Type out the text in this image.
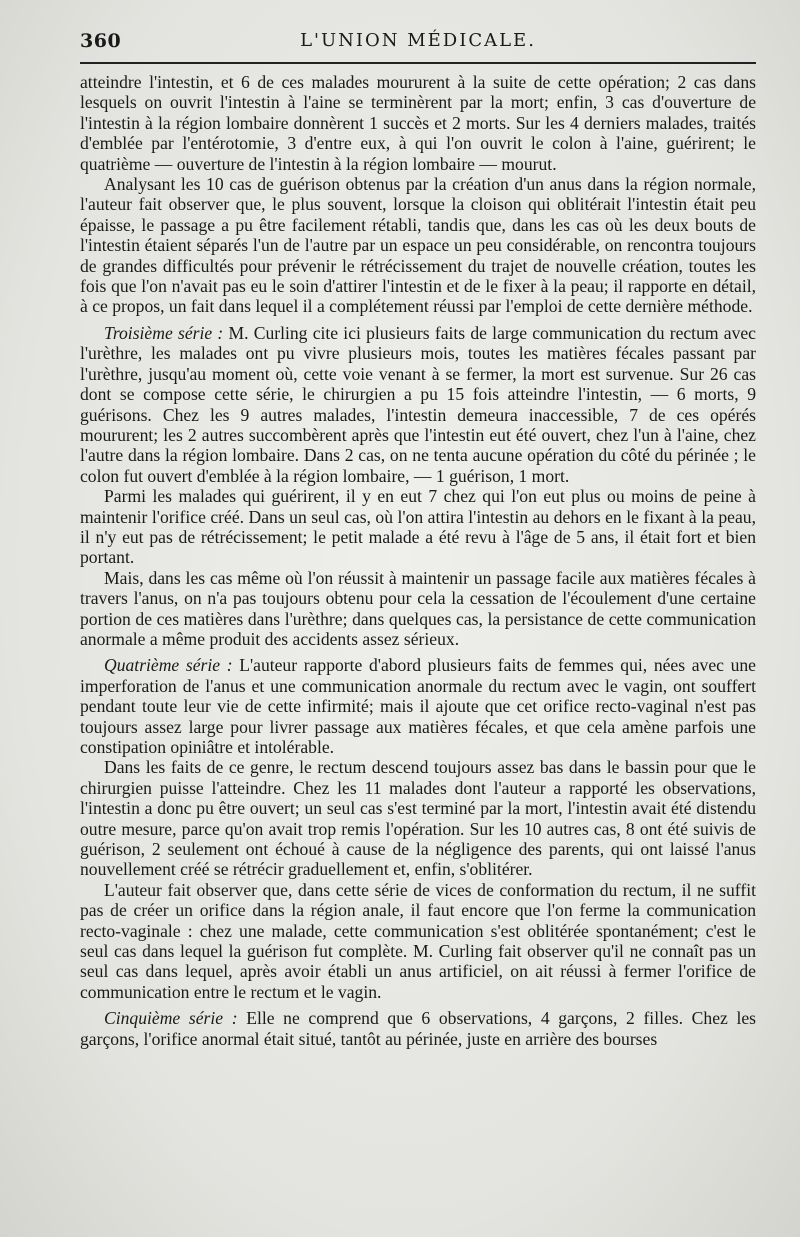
360	L'UNION MÉDICALE.

atteindre l'intestin, et 6 de ces malades moururent à la suite de cette opération; 2 cas dans lesquels on ouvrit l'intestin à l'aine se terminèrent par la mort; enfin, 3 cas d'ouverture de l'intestin à la région lombaire donnèrent 1 succès et 2 morts. Sur les 4 derniers malades, traités d'emblée par l'entérotomie, 3 d'entre eux, à qui l'on ouvrit le colon à l'aine, guérirent; le quatrième — ouverture de l'intestin à la région lombaire — mourut.

Analysant les 10 cas de guérison obtenus par la création d'un anus dans la région normale, l'auteur fait observer que, le plus souvent, lorsque la cloison qui oblitérait l'intestin était peu épaisse, le passage a pu être facilement rétabli, tandis que, dans les cas où les deux bouts de l'intestin étaient séparés l'un de l'autre par un espace un peu considérable, on rencontra toujours de grandes difficultés pour prévenir le rétrécissement du trajet de nouvelle création, toutes les fois que l'on n'avait pas eu le soin d'attirer l'intestin et de le fixer à la peau; il rapporte en détail, à ce propos, un fait dans lequel il a complétement réussi par l'emploi de cette dernière méthode.

Troisième série : M. Curling cite ici plusieurs faits de large communication du rectum avec l'urèthre, les malades ont pu vivre plusieurs mois, toutes les matières fécales passant par l'urèthre, jusqu'au moment où, cette voie venant à se fermer, la mort est survenue. Sur 26 cas dont se compose cette série, le chirurgien a pu 15 fois atteindre l'intestin, — 6 morts, 9 guérisons. Chez les 9 autres malades, l'intestin demeura inaccessible, 7 de ces opérés moururent; les 2 autres succombèrent après que l'intestin eut été ouvert, chez l'un à l'aine, chez l'autre dans la région lombaire. Dans 2 cas, on ne tenta aucune opération du côté du périnée ; le colon fut ouvert d'emblée à la région lombaire, — 1 guérison, 1 mort.

Parmi les malades qui guérirent, il y en eut 7 chez qui l'on eut plus ou moins de peine à maintenir l'orifice créé. Dans un seul cas, où l'on attira l'intestin au dehors en le fixant à la peau, il n'y eut pas de rétrécissement; le petit malade a été revu à l'âge de 5 ans, il était fort et bien portant.

Mais, dans les cas même où l'on réussit à maintenir un passage facile aux matières fécales à travers l'anus, on n'a pas toujours obtenu pour cela la cessation de l'écoulement d'une certaine portion de ces matières dans l'urèthre; dans quelques cas, la persistance de cette communication anormale a même produit des accidents assez sérieux.

Quatrième série : L'auteur rapporte d'abord plusieurs faits de femmes qui, nées avec une imperforation de l'anus et une communication anormale du rectum avec le vagin, ont souffert pendant toute leur vie de cette infirmité; mais il ajoute que cet orifice recto-vaginal n'est pas toujours assez large pour livrer passage aux matières fécales, et que cela amène parfois une constipation opiniâtre et intolérable.

Dans les faits de ce genre, le rectum descend toujours assez bas dans le bassin pour que le chirurgien puisse l'atteindre. Chez les 11 malades dont l'auteur a rapporté les observations, l'intestin a donc pu être ouvert; un seul cas s'est terminé par la mort, l'intestin avait été distendu outre mesure, parce qu'on avait trop remis l'opération. Sur les 10 autres cas, 8 ont été suivis de guérison, 2 seulement ont échoué à cause de la négligence des parents, qui ont laissé l'anus nouvellement créé se rétrécir graduellement et, enfin, s'oblitérer.

L'auteur fait observer que, dans cette série de vices de conformation du rectum, il ne suffit pas de créer un orifice dans la région anale, il faut encore que l'on ferme la communication recto-vaginale : chez une malade, cette communication s'est oblitérée spontanément; c'est le seul cas dans lequel la guérison fut complète. M. Curling fait observer qu'il ne connaît pas un seul cas dans lequel, après avoir établi un anus artificiel, on ait réussi à fermer l'orifice de communication entre le rectum et le vagin.

Cinquième série : Elle ne comprend que 6 observations, 4 garçons, 2 filles. Chez les garçons, l'orifice anormal était situé, tantôt au périnée, juste en arrière des bourses
